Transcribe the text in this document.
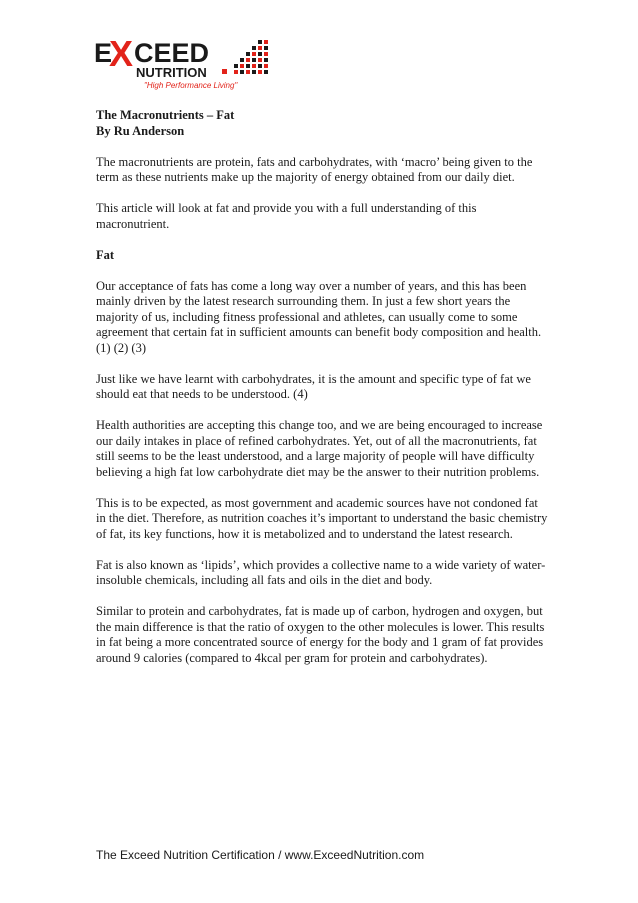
E
X CEED
NUTRITION
"High Performance Living"
The Macronutrients – Fat
By Ru Anderson

The macronutrients are protein, fats and carbohydrates, with ‘macro’ being given to the term as these nutrients make up the majority of energy obtained from our daily diet.

This article will look at fat and provide you with a full understanding of this macronutrient.

Fat

Our acceptance of fats has come a long way over a number of years, and this has been mainly driven by the latest research surrounding them. In just a few short years the majority of us, including fitness professional and athletes, can usually come to some agreement that certain fat in sufficient amounts can benefit body composition and health. (1) (2) (3)

Just like we have learnt with carbohydrates, it is the amount and specific type of fat we should eat that needs to be understood. (4)

Health authorities are accepting this change too, and we are being encouraged to increase our daily intakes in place of refined carbohydrates. Yet, out of all the macronutrients, fat still seems to be the least understood, and a large majority of people will have difficulty believing a high fat low carbohydrate diet may be the answer to their nutrition problems.

This is to be expected, as most government and academic sources have not condoned fat in the diet. Therefore, as nutrition coaches it’s important to understand the basic chemistry of fat, its key functions, how it is metabolized and to understand the latest research.

Fat is also known as ‘lipids’, which provides a collective name to a wide variety of water-insoluble chemicals, including all fats and oils in the diet and body.

Similar to protein and carbohydrates, fat is made up of carbon, hydrogen and oxygen, but the main difference is that the ratio of oxygen to the other molecules is lower. This results in fat being a more concentrated source of energy for the body and 1 gram of fat provides around 9 calories (compared to 4kcal per gram for protein and carbohydrates).

The Exceed Nutrition Certification / www.ExceedNutrition.com
